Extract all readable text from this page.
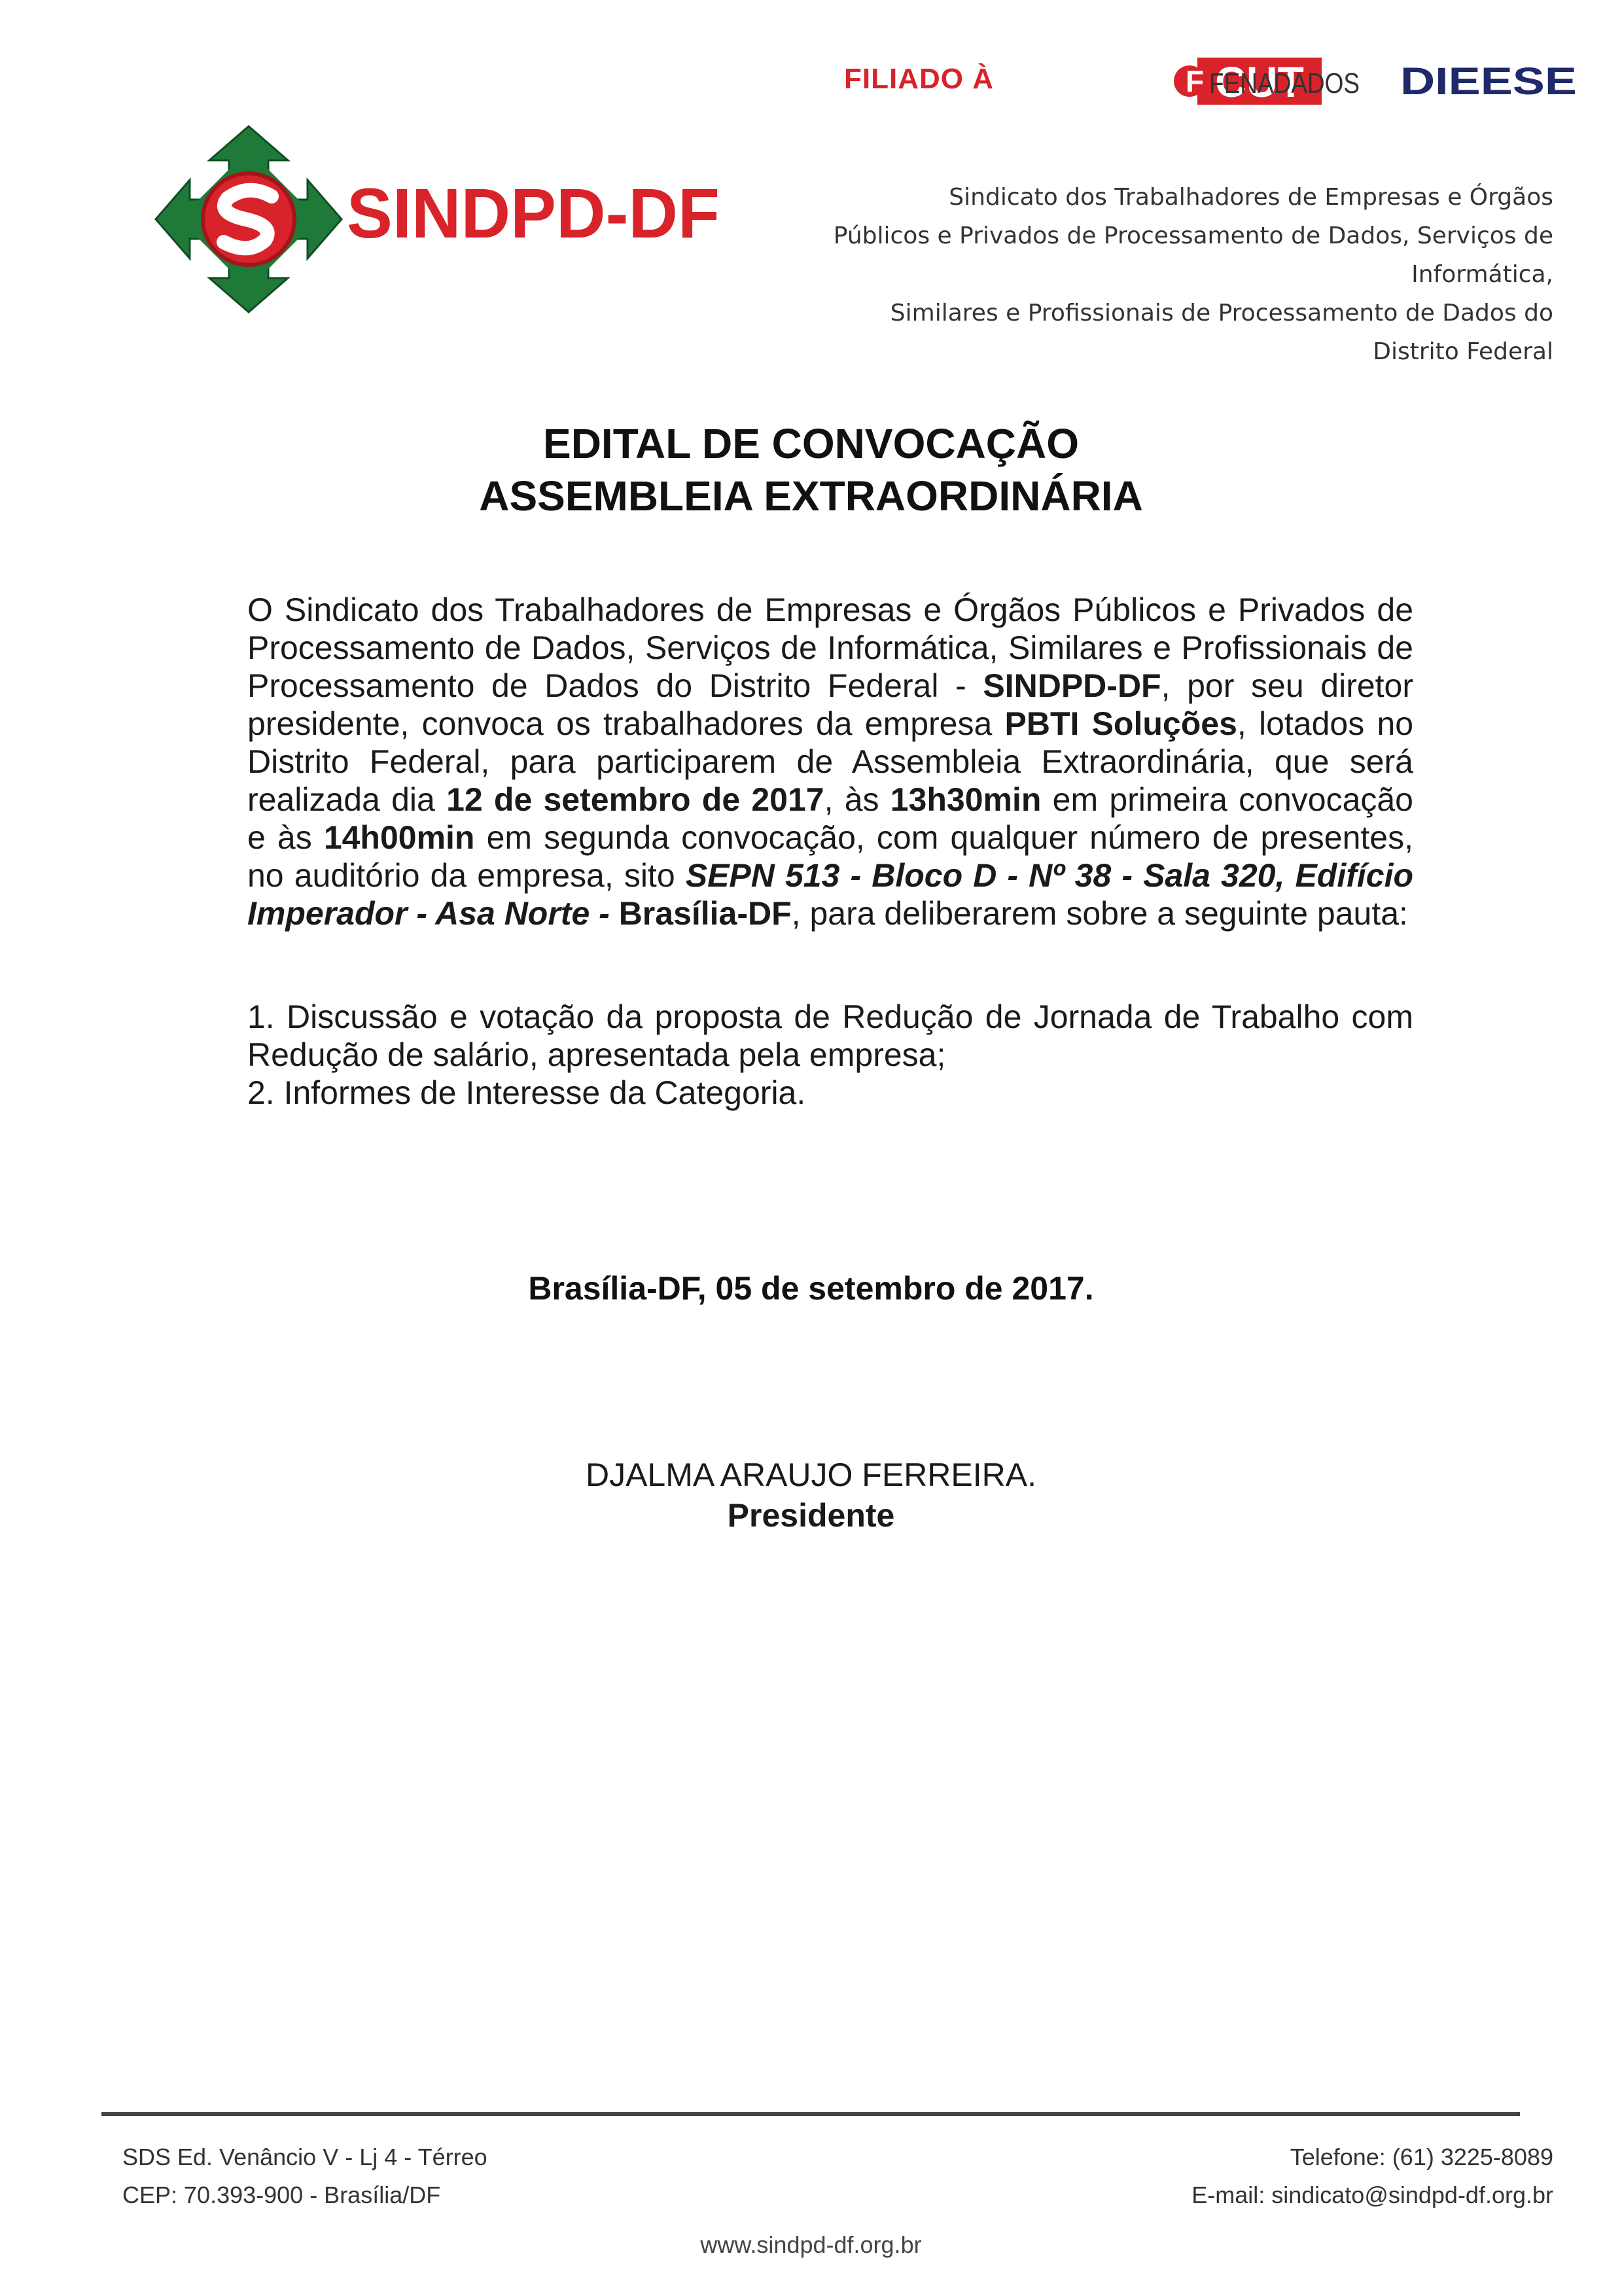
FILIADO À	CUT
F FENADADOS DIEESE
SINDPD-DF	Sindicato dos Trabalhadores de Empresas e Órgãos
Públicos e Privados de Processamento de Dados, Serviços de Informática,
Similares e Profissionais de Processamento de Dados do Distrito Federal
EDITAL DE CONVOCAÇÃO
ASSEMBLEIA EXTRAORDINÁRIA
O Sindicato dos Trabalhadores de Empresas e Órgãos Públicos e Privados de Processamento de Dados, Serviços de Informática, Similares e Profissionais de Processamento de Dados do Distrito Federal - SINDPD-DF, por seu diretor presidente, convoca os trabalhadores da empresa PBTI Soluções, lotados no Distrito Federal, para participarem de Assembleia Extraordinária, que será realizada dia 12 de setembro de 2017, às 13h30min em primeira convocação e às 14h00min em segunda convocação, com qualquer número de presentes, no auditório da empresa, sito SEPN 513 - Bloco D - Nº 38 - Sala 320, Edifício Imperador - Asa Norte - Brasília-DF, para deliberarem sobre a seguinte pauta:
1. Discussão e votação da proposta de Redução de Jornada de Trabalho com Redução de salário, apresentada pela empresa;
2. Informes de Interesse da Categoria.
Brasília-DF, 05 de setembro de 2017.
DJALMA ARAUJO FERREIRA.
Presidente
SDS Ed. Venâncio V - Lj 4 - Térreo
CEP: 70.393-900 - Brasília/DF
Telefone: (61) 3225-8089
E-mail: sindicato@sindpd-df.org.br
www.sindpd-df.org.br
